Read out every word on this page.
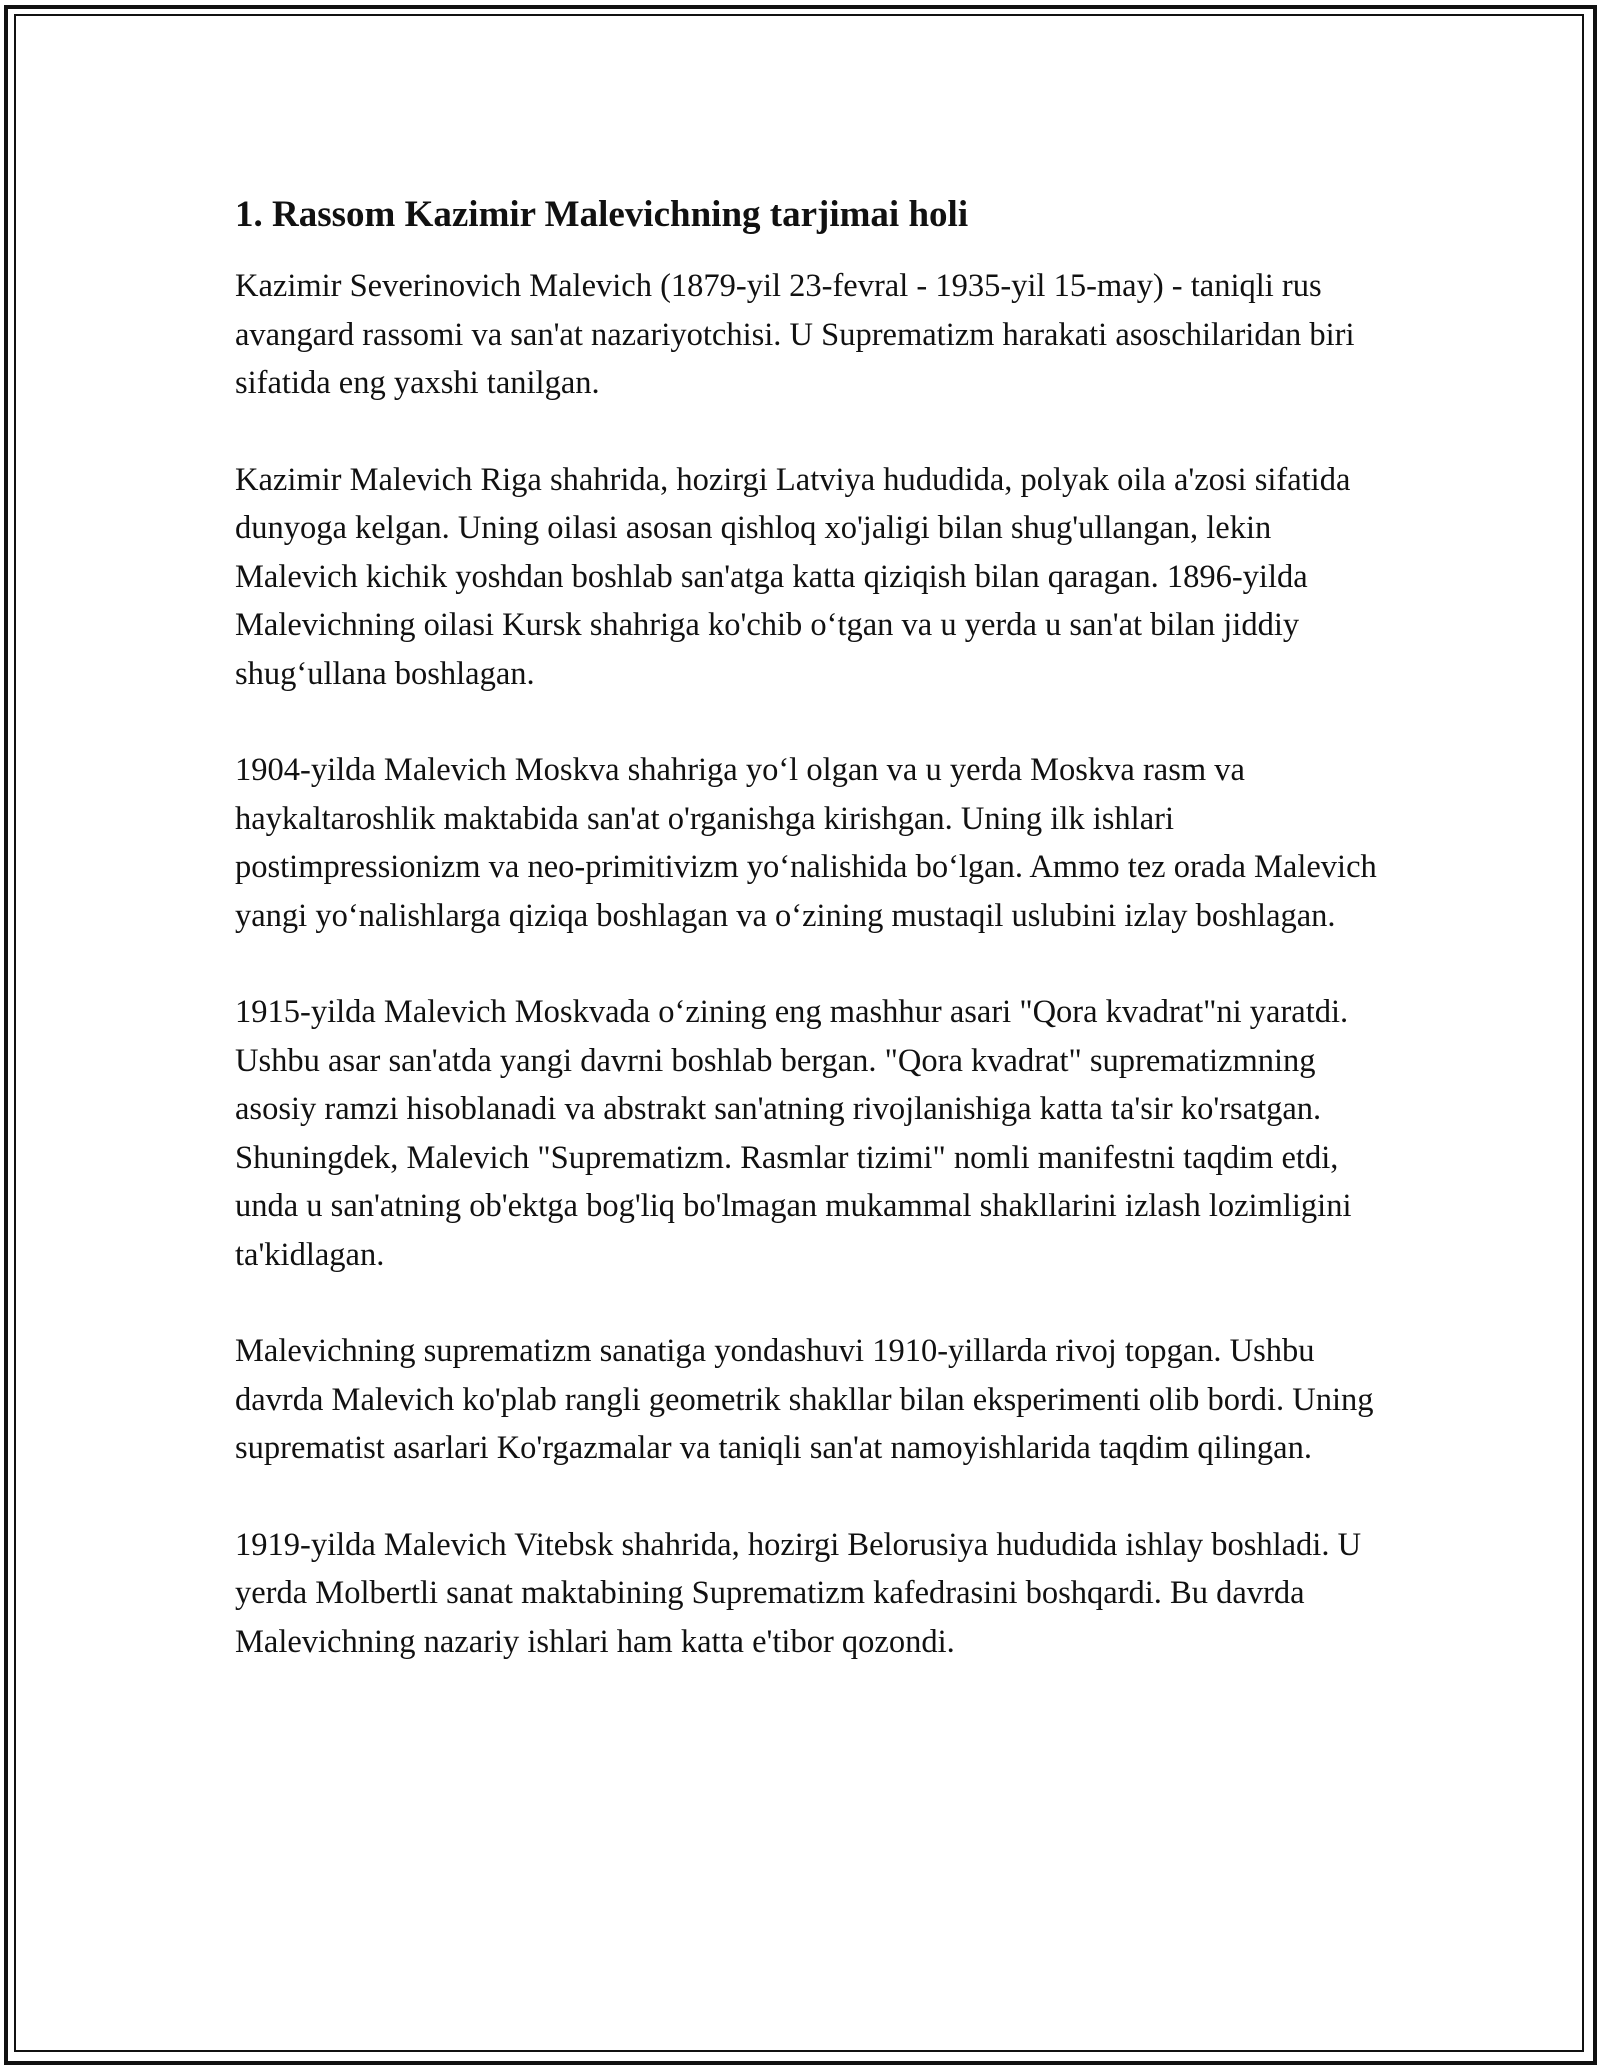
1. Rassom Kazimir Malevichning tarjimai holi

Kazimir Severinovich Malevich (1879-yil 23-fevral - 1935-yil 15-may) - taniqli rus avangard rassomi va san'at nazariyotchisi. U Suprematizm harakati asoschilaridan biri sifatida eng yaxshi tanilgan.

Kazimir Malevich Riga shahrida, hozirgi Latviya hududida, polyak oila a'zosi sifatida dunyoga kelgan. Uning oilasi asosan qishloq xo'jaligi bilan shug'ullangan, lekin Malevich kichik yoshdan boshlab san'atga katta qiziqish bilan qaragan. 1896-yilda Malevichning oilasi Kursk shahriga ko'chib o‘tgan va u yerda u san'at bilan jiddiy shug‘ullana boshlagan.

1904-yilda Malevich Moskva shahriga yo‘l olgan va u yerda Moskva rasm va haykaltaroshlik maktabida san'at o'rganishga kirishgan. Uning ilk ishlari postimpressionizm va neo-primitivizm yo‘nalishida bo‘lgan. Ammo tez orada Malevich yangi yo‘nalishlarga qiziqa boshlagan va o‘zining mustaqil uslubini izlay boshlagan.

1915-yilda Malevich Moskvada o‘zining eng mashhur asari "Qora kvadrat"ni yaratdi. Ushbu asar san'atda yangi davrni boshlab bergan. "Qora kvadrat" suprematizmning asosiy ramzi hisoblanadi va abstrakt san'atning rivojlanishiga katta ta'sir ko'rsatgan. Shuningdek, Malevich "Suprematizm. Rasmlar tizimi" nomli manifestni taqdim etdi, unda u san'atning ob'ektga bog'liq bo'lmagan mukammal shakllarini izlash lozimligini ta'kidlagan.

Malevichning suprematizm sanatiga yondashuvi 1910-yillarda rivoj topgan. Ushbu davrda Malevich ko'plab rangli geometrik shakllar bilan eksperimenti olib bordi. Uning suprematist asarlari Ko'rgazmalar va taniqli san'at namoyishlarida taqdim qilingan.

1919-yilda Malevich Vitebsk shahrida, hozirgi Belorusiya hududida ishlay boshladi. U yerda Molbertli sanat maktabining Suprematizm kafedrasini boshqardi. Bu davrda Malevichning nazariy ishlari ham katta e'tibor qozondi.
